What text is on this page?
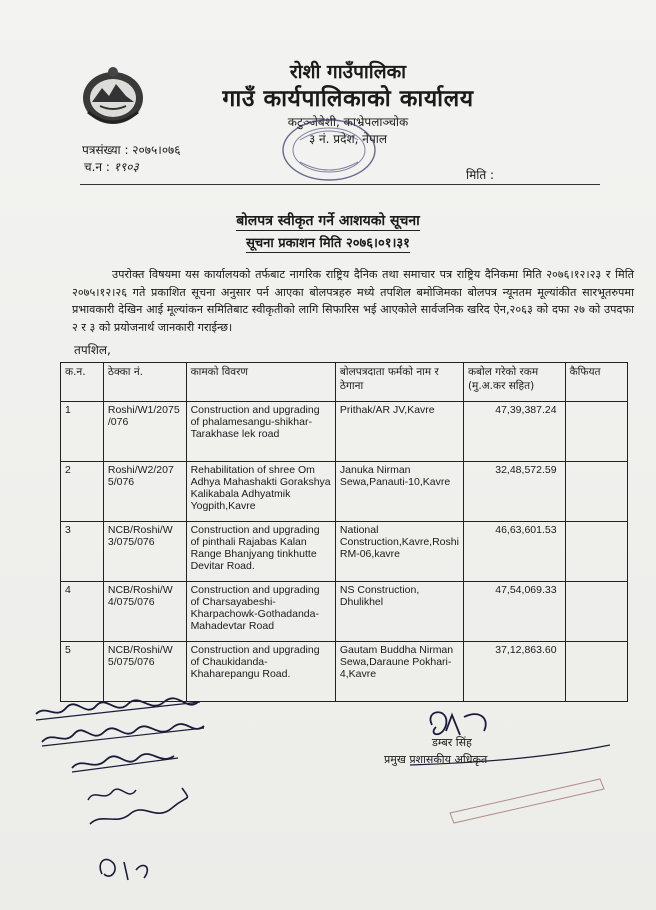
रोशी गाउँपालिका
गाउँ कार्यपालिकाको कार्यालय
कटुञ्जेबेशी, काभ्रेपलाञ्चोक
३ नं. प्रदेश, नेपाल
पत्रसंख्या : २०७५।०७६
च.न : १९०३
मिति :
बोलपत्र स्वीकृत गर्ने आशयको सूचना
सूचना प्रकाशन मिति २०७६।०१।३१
उपरोक्त विषयमा यस कार्यालयको तर्फबाट नागरिक राष्ट्रिय दैनिक तथा समाचार पत्र राष्ट्रिय दैनिकमा मिति २०७६।१२।२३ र मिति २०७५।१२।२६ गते प्रकाशित सूचना अनुसार पर्न आएका बोलपत्रहरु मध्ये तपशिल बमोजिमका बोलपत्र न्यूनतम मूल्यांकीत सारभूतरुपमा प्रभावकारी देखिन आई मूल्यांकन समितिबाट स्वीकृतीको लागि सिफारिस भई आएकोले सार्वजनिक खरिद ऐन,२०६३ को दफा २७ को उपदफा २ र ३ को प्रयोजनार्थ जानकारी गराईन्छ।
तपशिल,
क.न.	ठेक्का नं.	कामको विवरण	बोलपत्रदाता फर्मको नाम र ठेगाना	कबोल गरेको रकम (मु.अ.कर सहित)	कैफियत
1	Roshi/W1/2075 /076	Construction and upgrading of phalamesangu-shikhar-Tarakhase lek road	Prithak/AR JV,Kavre	47,39,387.24	
2	Roshi/W2/207 5/076	Rehabilitation of shree Om Adhya Mahashakti Gorakshya Kalikabala Adhyatmik Yogpith,Kavre	Januka Nirman Sewa,Panauti-10,Kavre	32,48,572.59	
3	NCB/Roshi/W 3/075/076	Construction and upgrading of pinthali Rajabas Kalan Range Bhanjyang tinkhutte Devitar Road.	National Construction,Kavre,Roshi RM-06,kavre	46,63,601.53	
4	NCB/Roshi/W 4/075/076	Construction and upgrading of Charsayabeshi-Kharpachowk-Gothadanda-Mahadevtar Road	NS Construction, Dhulikhel	47,54,069.33	
5	NCB/Roshi/W 5/075/076	Construction and upgrading of Chaukidanda-Khaharepangu Road.	Gautam Buddha Nirman Sewa,Daraune Pokhari-4,Kavre	37,12,863.60	
डम्बर सिंह
प्रमुख प्रशासकीय अधिकृत
